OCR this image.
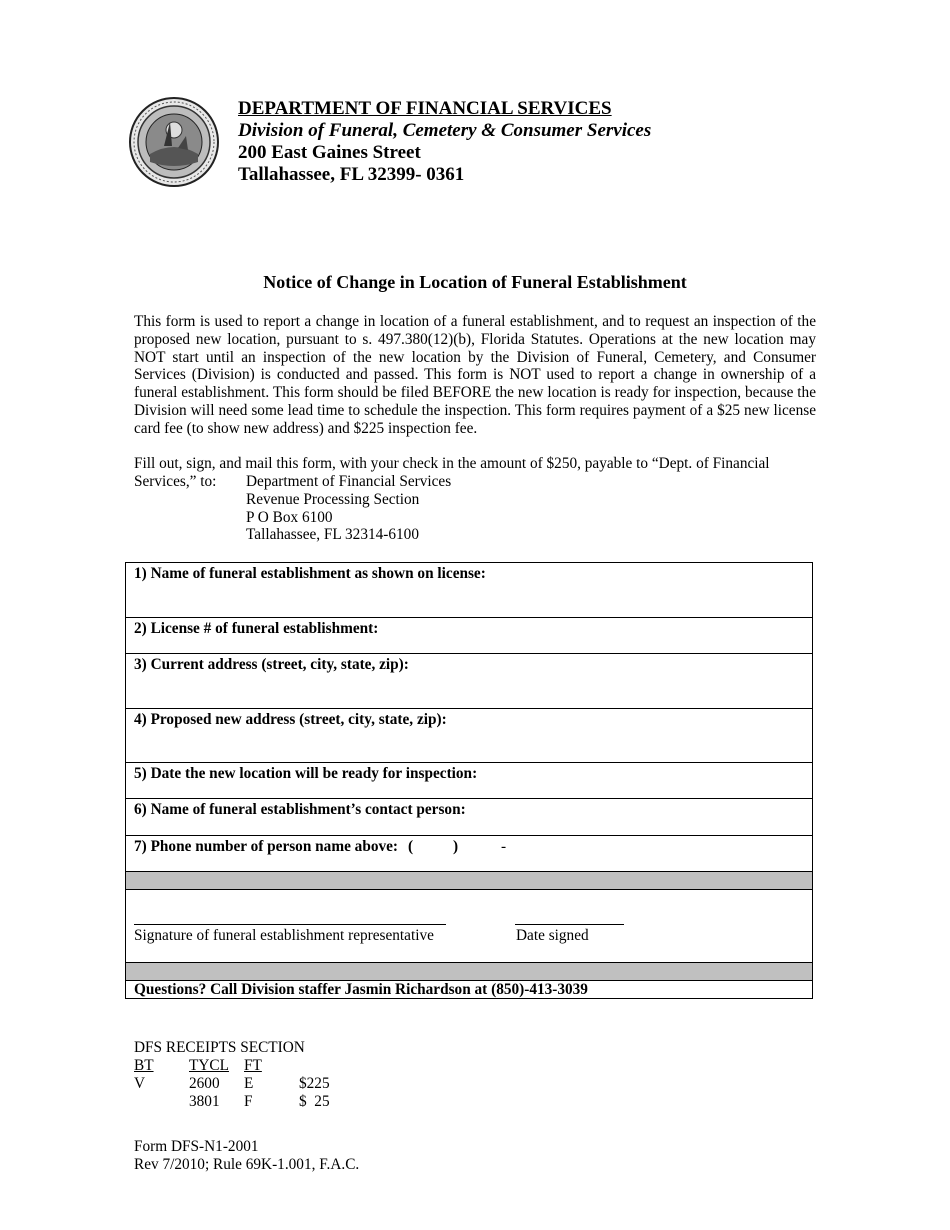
DEPARTMENT OF FINANCIAL SERVICES
Division of Funeral, Cemetery & Consumer Services
200 East Gaines Street
Tallahassee, FL 32399- 0361
Notice of Change in Location of Funeral Establishment
This form is used to report a change in location of a funeral establishment, and to request an inspection of the proposed new location, pursuant to s. 497.380(12)(b), Florida Statutes. Operations at the new location may NOT start until an inspection of the new location by the Division of Funeral, Cemetery, and Consumer Services (Division) is conducted and passed. This form is NOT used to report a change in ownership of a funeral establishment. This form should be filed BEFORE the new location is ready for inspection, because the Division will need some lead time to schedule the inspection. This form requires payment of a $25 new license card fee (to show new address) and $225 inspection fee.
Fill out, sign, and mail this form, with your check in the amount of $250, payable to “Dept. of Financial
Services,” to:	Department of Financial Services
Revenue Processing Section
P O Box 6100
Tallahassee, FL 32314-6100
1) Name of funeral establishment as shown on license:
2) License # of funeral establishment:
3) Current address (street, city, state, zip):
4) Proposed new address (street, city, state, zip):
5) Date the new location will be ready for inspection:
6) Name of funeral establishment’s contact person:
7) Phone number of person name above: (	)	-
Signature of funeral establishment representative	Date signed
Questions? Call Division staffer Jasmin Richardson at (850)-413-3039
DFS RECEIPTS SECTION
BT	TYCL	FT	
V	2600	E	$225
	3801	F	$  25
Form DFS-N1-2001
Rev 7/2010; Rule 69K-1.001, F.A.C.
